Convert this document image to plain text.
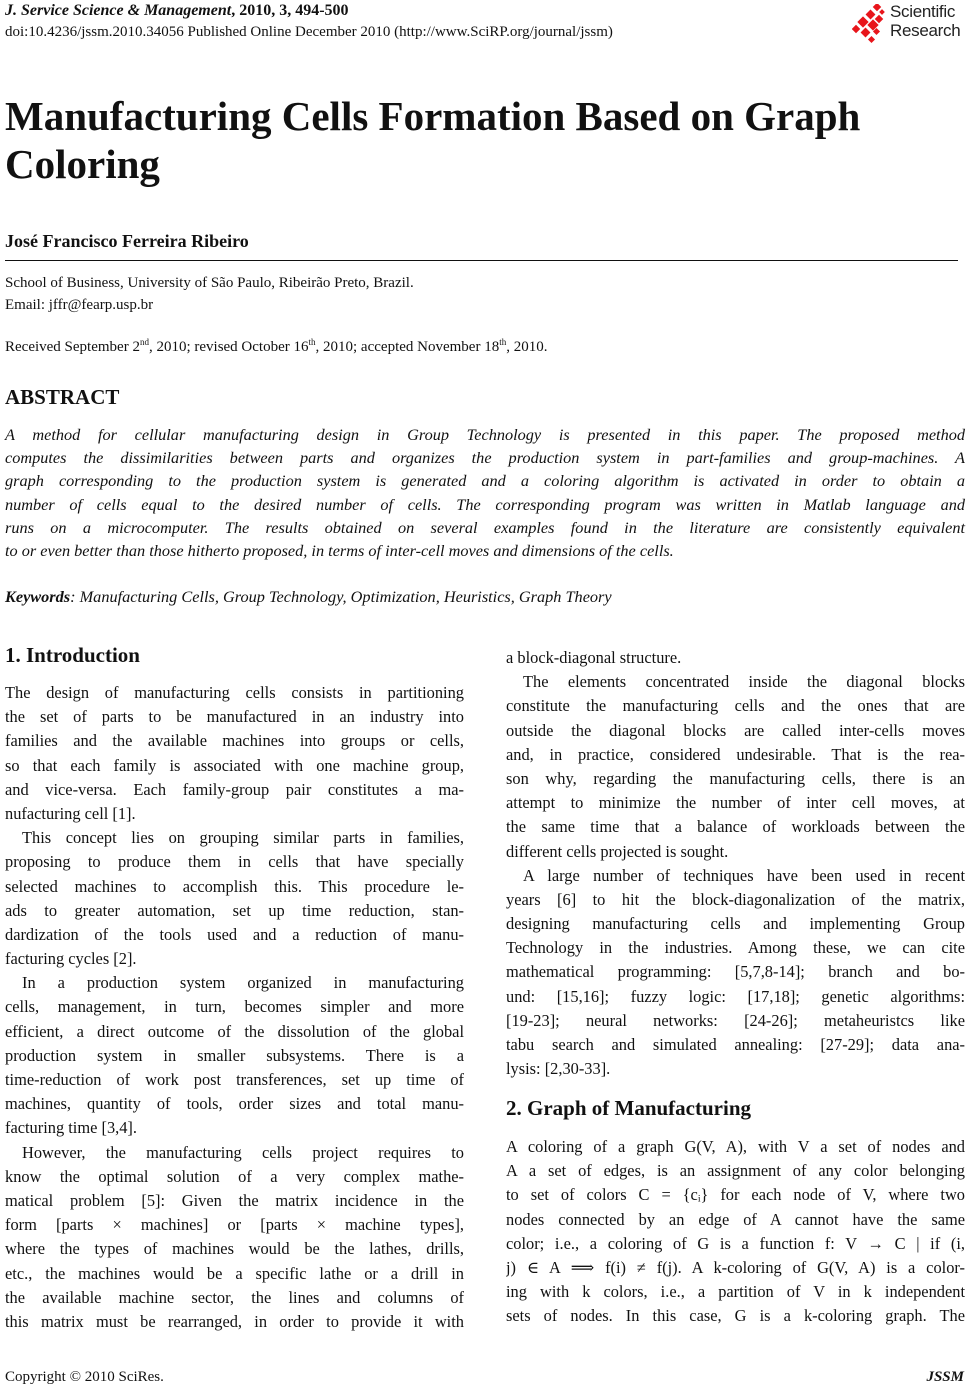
J. Service Science & Management, 2010, 3, 494-500
doi:10.4236/jssm.2010.34056 Published Online December 2010 (http://www.SciRP.org/journal/jssm)
Scientific
Research
Manufacturing Cells Formation Based on Graph
Coloring
José Francisco Ferreira Ribeiro
School of Business, University of São Paulo, Ribeirão Preto, Brazil.
Email: jffr@fearp.usp.br
Received September 2nd, 2010; revised October 16th, 2010; accepted November 18th, 2010.
ABSTRACT
A method for cellular manufacturing design in Group Technology is presented in this paper. The proposed method
computes the dissimilarities between parts and organizes the production system in part-families and group-machines. A
graph corresponding to the production system is generated and a coloring algorithm is activated in order to obtain a
number of cells equal to the desired number of cells. The corresponding program was written in Matlab language and
runs on a microcomputer. The results obtained on several examples found in the literature are consistently equivalent
to or even better than those hitherto proposed, in terms of inter-cell moves and dimensions of the cells.
Keywords: Manufacturing Cells, Group Technology, Optimization, Heuristics, Graph Theory
1. Introduction
The design of manufacturing cells consists in partitioning
the set of parts to be manufactured in an industry into
families and the available machines into groups or cells,
so that each family is associated with one machine group,
and vice-versa. Each family-group pair constitutes a ma-
nufacturing cell [1].
This concept lies on grouping similar parts in families,
proposing to produce them in cells that have specially
selected machines to accomplish this. This procedure le-
ads to greater automation, set up time reduction, stan-
dardization of the tools used and a reduction of manu-
facturing cycles [2].
In a production system organized in manufacturing
cells, management, in turn, becomes simpler and more
efficient, a direct outcome of the dissolution of the global
production system in smaller subsystems. There is a
time-reduction of work post transferences, set up time of
machines, quantity of tools, order sizes and total manu-
facturing time [3,4].
However, the manufacturing cells project requires to
know the optimal solution of a very complex mathe-
matical problem [5]: Given the matrix incidence in the
form [parts × machines] or [parts × machine types],
where the types of machines would be the lathes, drills,
etc., the machines would be a specific lathe or a drill in
the available machine sector, the lines and columns of
this matrix must be rearranged, in order to provide it with
a block-diagonal structure.
The elements concentrated inside the diagonal blocks
constitute the manufacturing cells and the ones that are
outside the diagonal blocks are called inter-cells moves
and, in practice, considered undesirable. That is the rea-
son why, regarding the manufacturing cells, there is an
attempt to minimize the number of inter cell moves, at
the same time that a balance of workloads between the
different cells projected is sought.
A large number of techniques have been used in recent
years [6] to hit the block-diagonalization of the matrix,
designing manufacturing cells and implementing Group
Technology in the industries. Among these, we can cite
mathematical programming: [5,7,8-14]; branch and bo-
und: [15,16]; fuzzy logic: [17,18]; genetic algorithms:
[19-23]; neural networks: [24-26]; metaheuristcs like
tabu search and simulated annealing: [27-29]; data ana-
lysis: [2,30-33].
2. Graph of Manufacturing
A coloring of a graph G(V, A), with V a set of nodes and
A a set of edges, is an assignment of any color belonging
to set of colors C = {cᵢ} for each node of V, where two
nodes connected by an edge of A cannot have the same
color; i.e., a coloring of G is a function f: V → C | if (i,
j) ∈ A ⟹ f(i) ≠ f(j). A k-coloring of G(V, A) is a color-
ing with k colors, i.e., a partition of V in k independent
sets of nodes. In this case, G is a k-coloring graph. The
Copyright © 2010 SciRes.	JSSM
